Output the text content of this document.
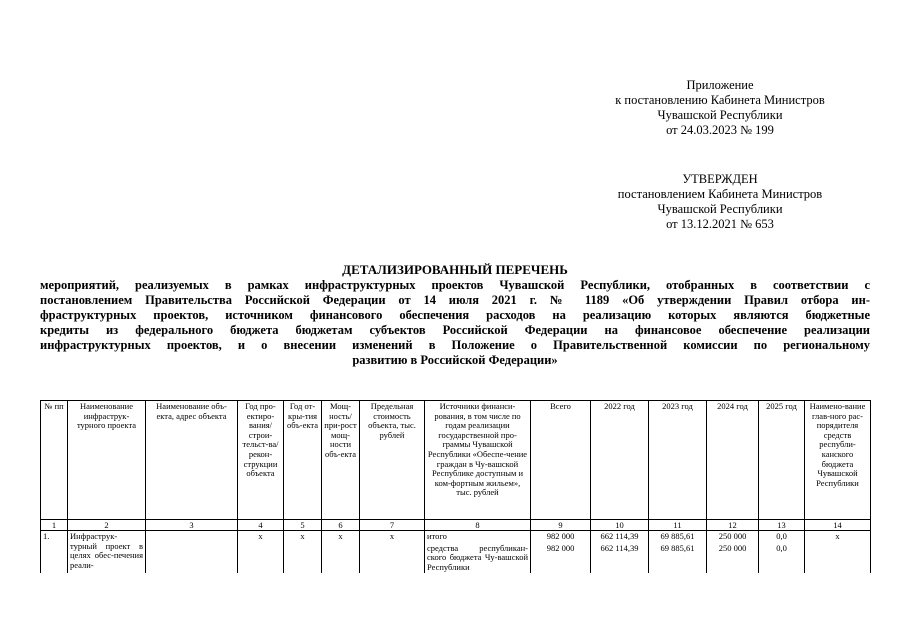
Приложение
к постановлению Кабинета Министров
Чувашской Республики
от 24.03.2023 № 199
УТВЕРЖДЕН
постановлением Кабинета Министров
Чувашской Республики
от 13.12.2021 № 653
ДЕТАЛИЗИРОВАННЫЙ ПЕРЕЧЕНЬ
мероприятий, реализуемых в рамках инфраструктурных проектов Чувашской Республики, отобранных в соответствии с
постановлением Правительства Российской Федерации от 14 июля 2021 г. № 1189 «Об утверждении Правил отбора ин-
фраструктурных проектов, источником финансового обеспечения расходов на реализацию которых являются бюджетные
кредиты из федерального бюджета бюджетам субъектов Российской Федерации на финансовое обеспечение реализации
инфраструктурных проектов, и о внесении изменений в Положение о Правительственной комиссии по региональному
развитию в Российской Федерации»
№ пп	Наименование инфраструк-турного проекта	Наименование объ-екта, адрес объекта	Год про-ектиро-вания/ строи-тельст-ва/рекон-струкции объекта	Год от-кры-тия объ-екта	Мощ-ность/ при-рост мощ-ности объ-екта	Предельная стоимость объекта, тыс. рублей	Источники финанси-рования, в том числе по годам реализации государственной про-граммы Чувашской Республики «Обеспе-чение граждан в Чу-вашской Республике доступным и ком-фортным жильем», тыс. рублей	Всего	2022 год	2023 год	2024 год	2025 год	Наимено-вание глав-ного рас-порядителя средств республи-канского бюджета Чувашской Республики
1	2	3	4	5	6	7	8	9	10	11	12	13	14
1.	Инфраструк-турный проект в целях обес-печения реали-		х	х	х	х	итого	982 000	662 114,39	69 885,61	250 000	0,0	х
							средства республикан-ского бюджета Чу-вашской Республики	982 000	662 114,39	69 885,61	250 000	0,0	
